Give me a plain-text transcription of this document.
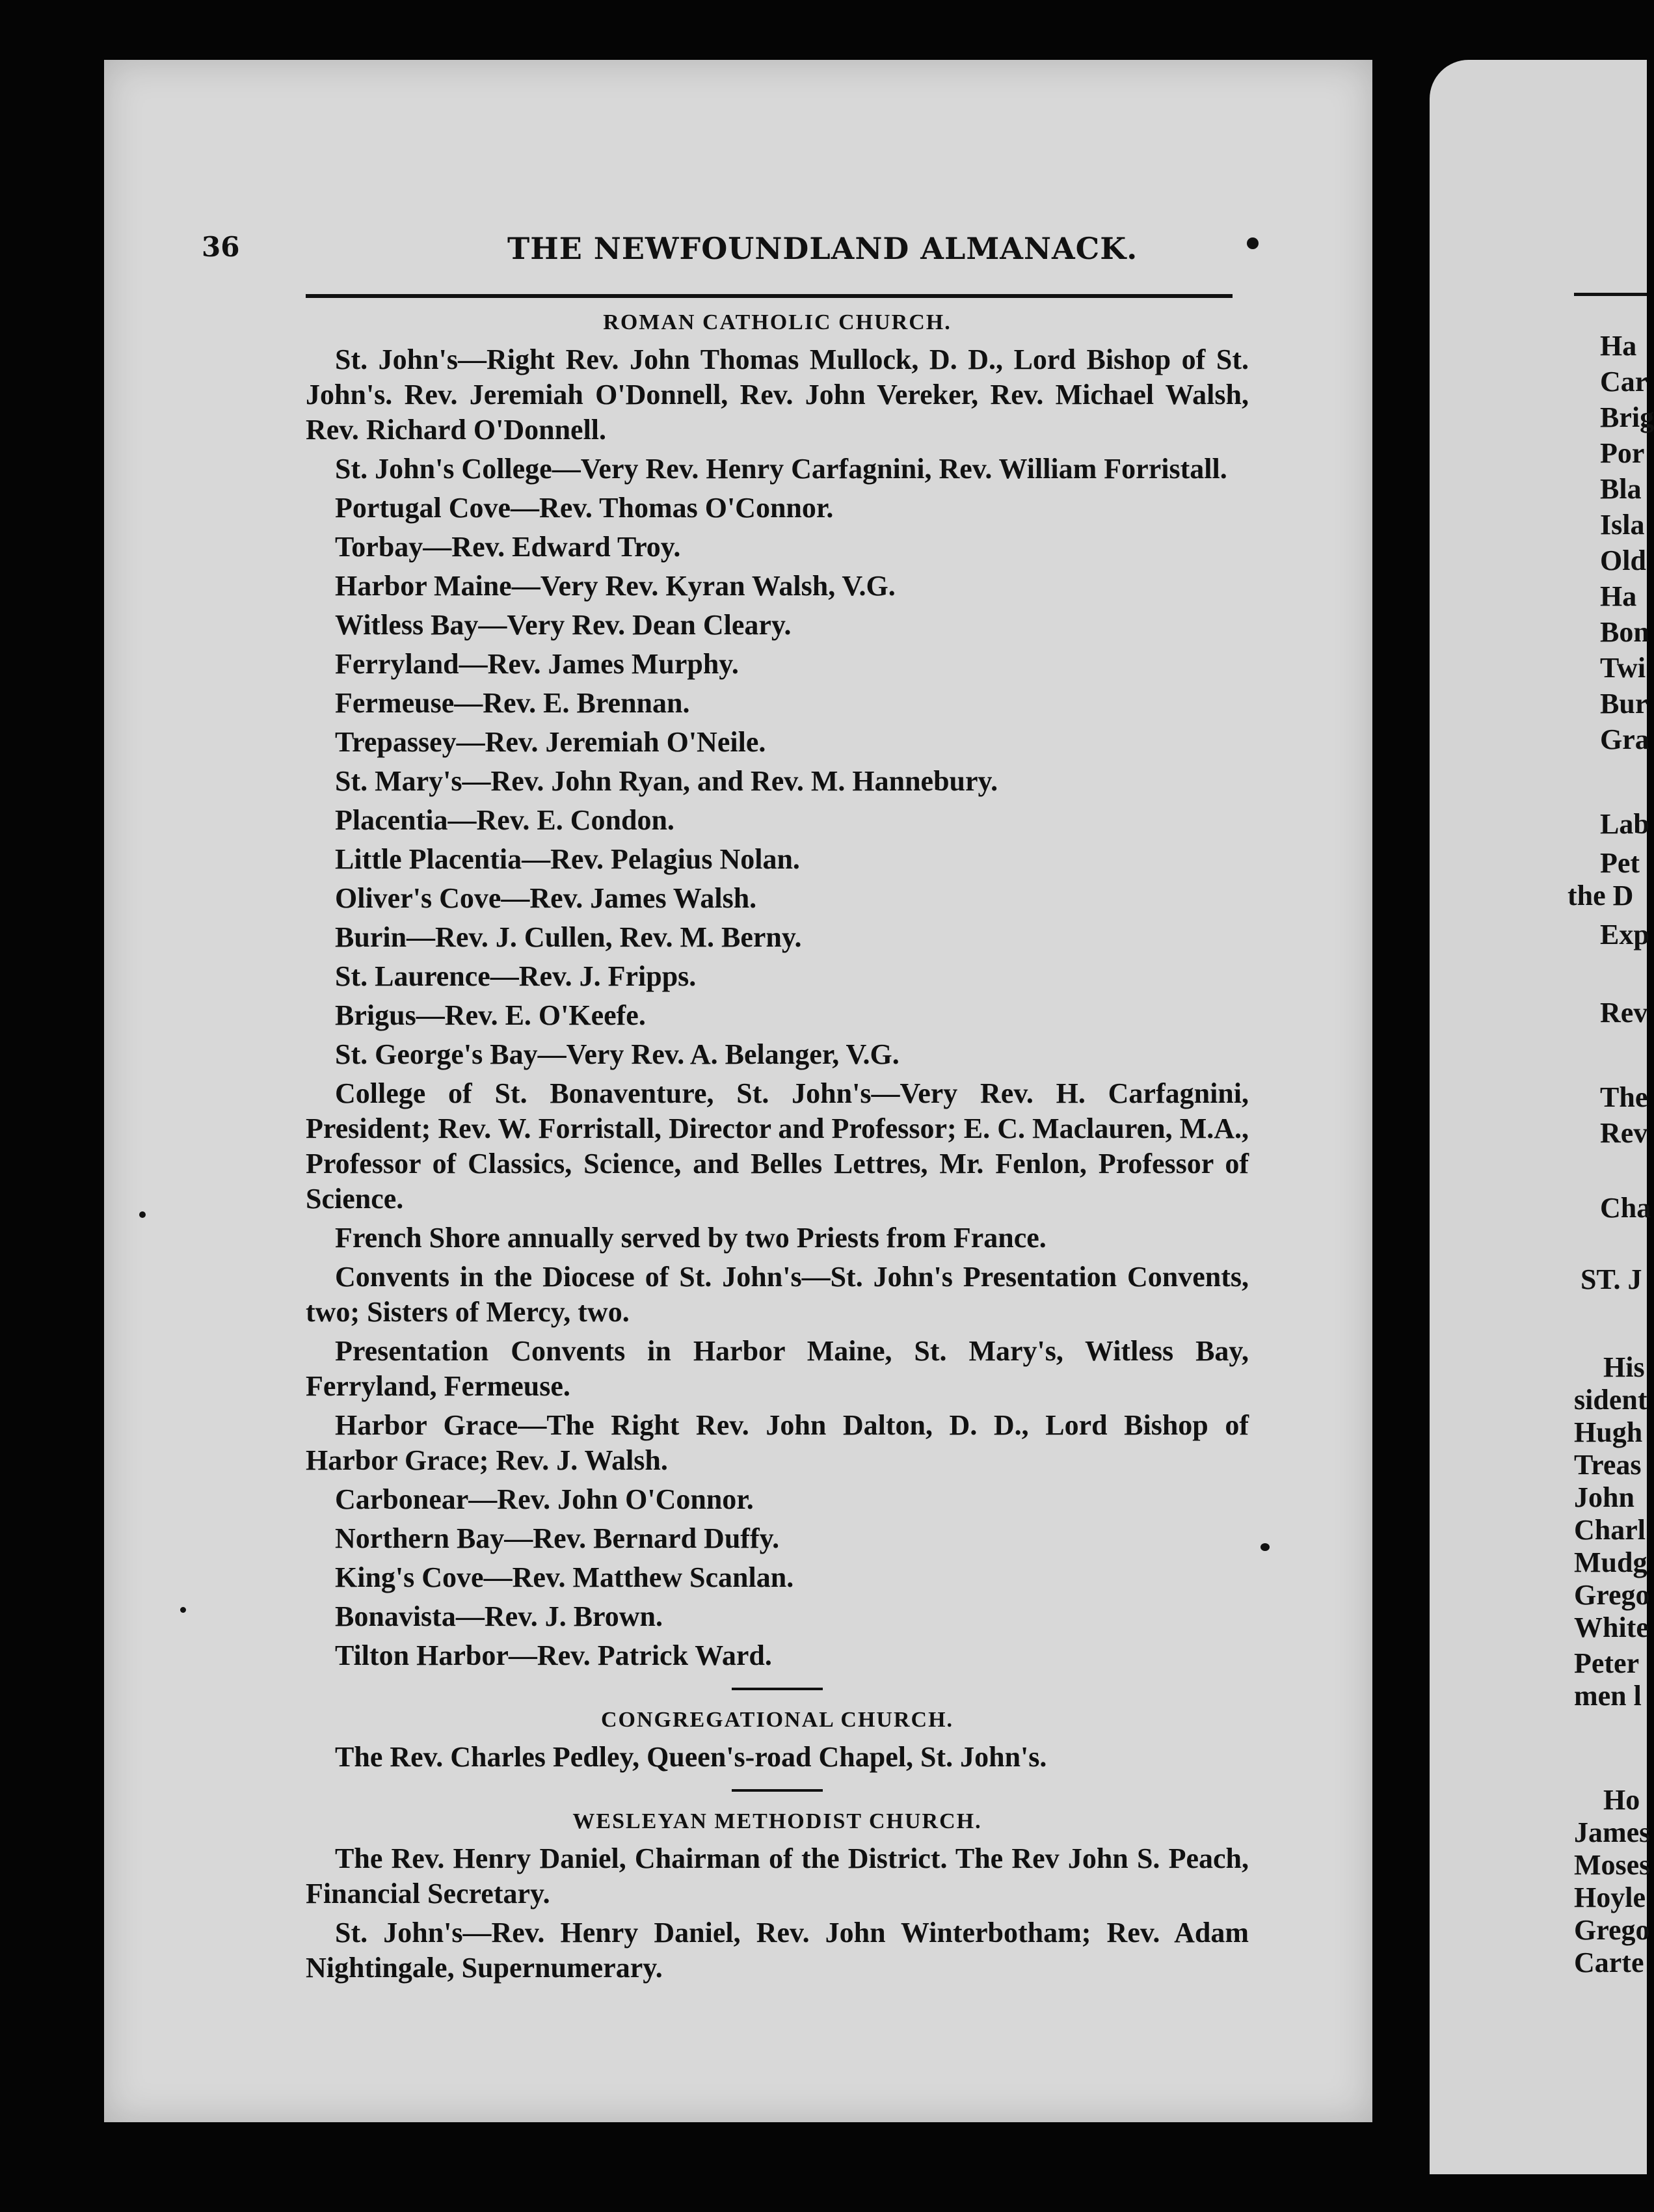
36	THE NEWFOUNDLAND ALMANACK.
ROMAN CATHOLIC CHURCH.
St. John's—Right Rev. John Thomas Mullock, D. D., Lord Bishop of St. John's. Rev. Jeremiah O'Donnell, Rev. John Vereker, Rev. Michael Walsh, Rev. Richard O'Donnell.
St. John's College—Very Rev. Henry Carfagnini, Rev. William Forristall.
Portugal Cove—Rev. Thomas O'Connor.
Torbay—Rev. Edward Troy.
Harbor Maine—Very Rev. Kyran Walsh, V.G.
Witless Bay—Very Rev. Dean Cleary.
Ferryland—Rev. James Murphy.
Fermeuse—Rev. E. Brennan.
Trepassey—Rev. Jeremiah O'Neile.
St. Mary's—Rev. John Ryan, and Rev. M. Hannebury.
Placentia—Rev. E. Condon.
Little Placentia—Rev. Pelagius Nolan.
Oliver's Cove—Rev. James Walsh.
Burin—Rev. J. Cullen, Rev. M. Berny.
St. Laurence—Rev. J. Fripps.
Brigus—Rev. E. O'Keefe.
St. George's Bay—Very Rev. A. Belanger, V.G.
College of St. Bonaventure, St. John's—Very Rev. H. Carfagnini, President; Rev. W. Forristall, Director and Professor; E. C. Maclauren, M.A., Professor of Classics, Science, and Belles Lettres, Mr. Fenlon, Professor of Science.
French Shore annually served by two Priests from France.
Convents in the Diocese of St. John's—St. John's Presentation Convents, two; Sisters of Mercy, two.
Presentation Convents in Harbor Maine, St. Mary's, Witless Bay, Ferryland, Fermeuse.
Harbor Grace—The Right Rev. John Dalton, D. D., Lord Bishop of Harbor Grace; Rev. J. Walsh.
Carbonear—Rev. John O'Connor.
Northern Bay—Rev. Bernard Duffy.
King's Cove—Rev. Matthew Scanlan.
Bonavista—Rev. J. Brown.
Tilton Harbor—Rev. Patrick Ward.
CONGREGATIONAL CHURCH.
The Rev. Charles Pedley, Queen's-road Chapel, St. John's.
WESLEYAN METHODIST CHURCH.
The Rev. Henry Daniel, Chairman of the District. The Rev John S. Peach, Financial Secretary.
St. John's—Rev. Henry Daniel, Rev. John Winterbotham; Rev. Adam Nightingale, Supernumerary.
Ha
Car
Brig
Por
Bla
Isla
Old
Ha
Bon
Twi
Bur
Gra
Lab
Pet
the D
Exp
Rev
The
Rev
Cha
ST. J
His
sident
Hugh
Treas
John
Charl
Mudg
Grego
White
Peter
men l
Ho
James
Moses
Hoyle
Grego
Carte
